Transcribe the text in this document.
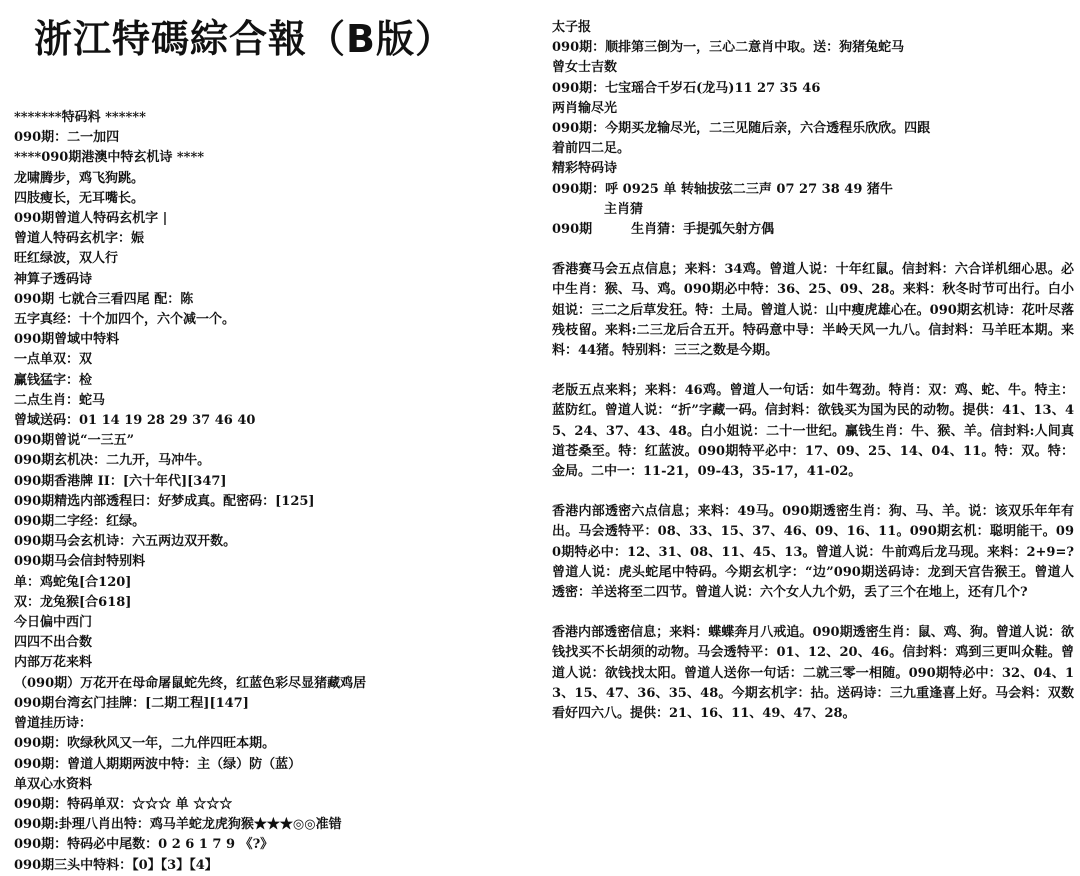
浙江特碼綜合報（B版）
*******特码料 ******
090期：二一加四
****090期港澳中特玄机诗 ****
龙啸腾步，鸡飞狗跳。
四肢瘦长，无耳嘴长。
090期曾道人特码玄机字 |
曾道人特码玄机字：娠
旺红绿波，双人行
神算子透码诗
090期 七就合三看四尾 配：陈
五字真经：十个加四个，六个减一个。
090期曾域中特料
一点单双：双
赢钱猛字：检
二点生肖：蛇马
曾域送码：01 14 19 28 29 37 46 40
090期曾说“一三五”
090期玄机决：二九开，马冲牛。
090期香港牌 II：[六十年代][347]
090期精选内部透程曰：好梦成真。配密码：[125]
090期二字经：红绿。
090期马会玄机诗：六五两边双开数。
090期马会信封特别料
单：鸡蛇兔[合120]
双：龙兔猴[合618]
今日偏中西门
四四不出合数
内部万花来料
（090期）万花开在母命屠鼠蛇先终，红蓝色彩尽显猪藏鸡居
090期台湾玄门挂牌：[二期工程][147]
曾道挂历诗：
090期：吹绿秋风又一年，二九伴四旺本期。
090期：曾道人期期两波中特：主（绿）防（蓝）
单双心水资料
090期：特码单双：☆☆☆ 单 ☆☆☆
090期:卦理八肖出特：鸡马羊蛇龙虎狗猴★★★◎◎准错
090期：特码必中尾数：0 2 6 1 7 9 《?》
090期三头中特料：【0】【3】【4】
太子报
090期：顺排第三倒为一，三心二意肖中取。送：狗猪兔蛇马
曾女士吉数
090期：七宝瑶合千岁石(龙马)11 27 35 46
两肖输尽光
090期：今期买龙输尽光，二三见随后亲，六合透程乐欣欣。四跟
着前四二足。
精彩特码诗
090期：呼 0925 单 转轴拔弦二三声 07 27 38 49 猪牛
　　　　主肖猜
090期　　　生肖猜：手提弧矢射方偶
香港赛马会五点信息；来料：34鸡。曾道人说：十年红鼠。信封料：六合详机细心思。必中生肖：猴、马、鸡。090期必中特：36、25、09、28。来料：秋冬时节可出行。白小姐说：三二之后草发狂。特：土局。曾道人说：山中瘦虎雄心在。090期玄机诗：花叶尽落残枝留。来料:二三龙后合五开。特码意中导：半岭天风一九八。信封料：马羊旺本期。来料：44猪。特别料：三三之数是今期。
老版五点来料；来料：46鸡。曾道人一句话：如牛驾劲。特肖：双：鸡、蛇、牛。特主：蓝防红。曾道人说：“折”字藏一码。信封料：欲钱买为国为民的动物。提供：41、13、45、24、37、43、48。白小姐说：二十一世纪。赢钱生肖：牛、猴、羊。信封料:人间真道苍桑至。特：红蓝波。090期特平必中：17、09、25、14、04、11。特：双。特：金局。二中一：11-21，09-43，35-17，41-02。
香港内部透密六点信息；来料：49马。090期透密生肖：狗、马、羊。说：该双乐年年有出。马会透特平：08、33、15、37、46、09、16、11。090期玄机：聪明能干。090期特必中：12、31、08、11、45、13。曾道人说：牛前鸡后龙马现。来料：2+9=? 曾道人说：虎头蛇尾中特码。今期玄机字：“边”090期送码诗：龙到天宫告猴王。曾道人透密：羊送将至二四节。曾道人说：六个女人九个奶，丢了三个在地上，还有几个?
香港内部透密信息；来料：蝶蝶奔月八戒追。090期透密生肖：鼠、鸡、狗。曾道人说：欲钱找买不长胡须的动物。马会透特平：01、12、20、46。信封料：鸡到三更叫众鞋。曾道人说：欲钱找太阳。曾道人送你一句话：二就三零一相随。090期特必中：32、04、13、15、47、36、35、48。今期玄机字：拈。送码诗：三九重逢喜上好。马会料：双数看好四六八。提供：21、16、11、49、47、28。
